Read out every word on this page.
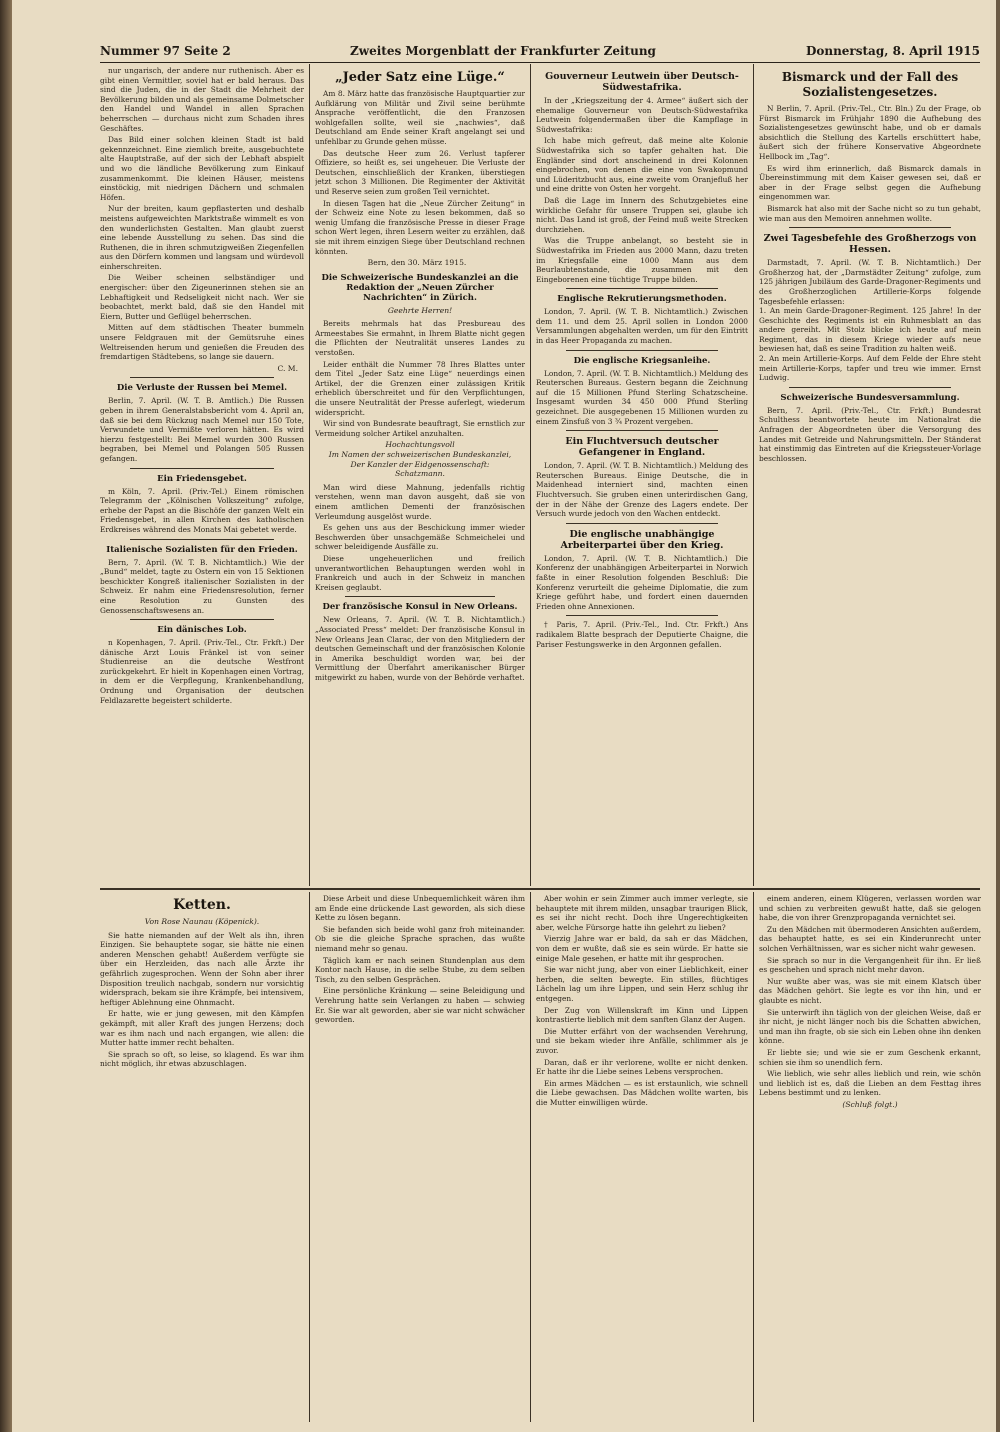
Nummer 97 Seite 2	Zweites Morgenblatt der Frankfurter Zeitung	Donnerstag, 8. April 1915

nur ungarisch, der andere nur ruthenisch. Aber es gibt einen Vermittler, soviel hat er bald heraus. Das sind die Juden, die in der Stadt die Mehrheit der Bevölkerung bilden und als gemeinsame Dolmetscher den Handel und Wandel in allen Sprachen beherrschen — durchaus nicht zum Schaden ihres Geschäftes.

Das Bild einer solchen kleinen Stadt ist bald gekennzeichnet. Eine ziemlich breite, ausgebuchtete alte Hauptstraße, auf der sich der Lebhaft abspielt und wo die ländliche Bevölkerung zum Einkauf zusammenkommt. Die kleinen Häuser, meistens einstöckig, mit niedrigen Dächern und schmalen Höfen.

Nur der breiten, kaum gepflasterten und deshalb meistens aufgeweichten Marktstraße wimmelt es von den wunderlichsten Gestalten. Man glaubt zuerst eine lebende Ausstellung zu sehen. Das sind die Ruthenen, die in ihren schmutzigweißen Ziegenfellen aus den Dörfern kommen und langsam und würdevoll einherschreiten.

Die Weiber scheinen selbständiger und energischer: über den Zigeunerinnen stehen sie an Lebhaftigkeit und Redseligkeit nicht nach. Wer sie beobachtet, merkt bald, daß sie den Handel mit Eiern, Butter und Geflügel beherrschen.

Mitten auf dem städtischen Theater bummeln unsere Feldgrauen mit der Gemütsruhe eines Weltreisenden herum und genießen die Freuden des fremdartigen Städtebens, so lange sie dauern.

C. M.
Die Verluste der Russen bei Memel.

Berlin, 7. April. (W. T. B. Amtlich.) Die Russen geben in ihrem Generalstabsbericht vom 4. April an, daß sie bei dem Rückzug nach Memel nur 150 Tote, Verwundete und Vermißte verloren hätten. Es wird hierzu festgestellt: Bei Memel wurden 300 Russen begraben, bei Memel und Polangen 505 Russen gefangen.

Ein Friedensgebet.

m Köln, 7. April. (Priv.-Tel.) Einem römischen Telegramm der „Kölnischen Volkszeitung“ zufolge, erhebe der Papst an die Bischöfe der ganzen Welt ein Friedensgebet, in allen Kirchen des katholischen Erdkreises während des Monats Mai gebetet werde.

Italienische Sozialisten für den Frieden.

Bern, 7. April. (W. T. B. Nichtamtlich.) Wie der „Bund“ meldet, tagte zu Ostern ein von 15 Sektionen beschickter Kongreß italienischer Sozialisten in der Schweiz. Er nahm eine Friedensresolution, ferner eine Resolution zu Gunsten des Genossenschaftswesens an.

Ein dänisches Lob.

n Kopenhagen, 7. April. (Priv.-Tel., Ctr. Frkft.) Der dänische Arzt Louis Fränkel ist von seiner Studienreise an die deutsche Westfront zurückgekehrt. Er hielt in Kopenhagen einen Vortrag, in dem er die Verpflegung, Krankenbehandlung, Ordnung und Organisation der deutschen Feldlazarette begeistert schilderte.

„Jeder Satz eine Lüge.“

Am 8. März hatte das französische Hauptquartier zur Aufklärung von Militär und Zivil seine berühmte Ansprache veröffentlicht, die den Franzosen wohlgefallen sollte, weil sie „nachwies“, daß Deutschland am Ende seiner Kraft angelangt sei und unfehlbar zu Grunde gehen müsse.

Das deutsche Heer zum 26. Verlust tapferer Offiziere, so heißt es, sei ungeheuer. Die Verluste der Deutschen, einschließlich der Kranken, überstiegen jetzt schon 3 Millionen. Die Regimenter der Aktivität und Reserve seien zum großen Teil vernichtet.

In diesen Tagen hat die „Neue Zürcher Zeitung“ in der Schweiz eine Note zu lesen bekommen, daß so wenig Umfang die französische Presse in dieser Frage schon Wert legen, ihren Lesern weiter zu erzählen, daß sie mit ihrem einzigen Siege über Deutschland rechnen könnten.

Bern, den 30. März 1915.
Die Schweizerische Bundeskanzlei an die Redaktion der „Neuen Zürcher Nachrichten“ in Zürich.
Geehrte Herren!

Bereits mehrmals hat das Presbureau des Armeestabes Sie ermahnt, in Ihrem Blatte nicht gegen die Pflichten der Neutralität unseres Landes zu verstoßen.

Leider enthält die Nummer 78 Ihres Blattes unter dem Titel „Jeder Satz eine Lüge“ neuerdings einen Artikel, der die Grenzen einer zulässigen Kritik erheblich überschreitet und für den Verpflichtungen, die unsere Neutralität der Presse auferlegt, wiederum widerspricht.

Wir sind von Bundesrate beauftragt, Sie ernstlich zur Vermeidung solcher Artikel anzuhalten.

Hochachtungsvoll
Im Namen der schweizerischen Bundeskanzlei,
Der Kanzler der Eidgenossenschaft:
Schatzmann.

Man wird diese Mahnung, jedenfalls richtig verstehen, wenn man davon ausgeht, daß sie von einem amtlichen Dementi der französischen Verleumdung ausgelöst wurde.

Es gehen uns aus der Beschickung immer wieder Beschwerden über unsachgemäße Schmeichelei und schwer beleidigende Ausfälle zu.

Diese ungeheuerlichen und freilich unverantwortlichen Behauptungen werden wohl in Frankreich und auch in der Schweiz in manchen Kreisen geglaubt.

Der französische Konsul in New Orleans.

New Orleans, 7. April. (W. T. B. Nichtamtlich.) „Associated Press“ meldet: Der französische Konsul in New Orleans Jean Clarac, der von den Mitgliedern der deutschen Gemeinschaft und der französischen Kolonie in Amerika beschuldigt worden war, bei der Vermittlung der Überfahrt amerikanischer Bürger mitgewirkt zu haben, wurde von der Behörde verhaftet.

Gouverneur Leutwein über Deutsch-Südwestafrika.

In der „Kriegszeitung der 4. Armee“ äußert sich der ehemalige Gouverneur von Deutsch-Südwestafrika Leutwein folgendermaßen über die Kampflage in Südwestafrika:

Ich habe mich gefreut, daß meine alte Kolonie Südwestafrika sich so tapfer gehalten hat. Die Engländer sind dort anscheinend in drei Kolonnen eingebrochen, von denen die eine von Swakopmund und Lüderitzbucht aus, eine zweite vom Oranjefluß her und eine dritte von Osten her vorgeht.

Daß die Lage im Innern des Schutzgebietes eine wirkliche Gefahr für unsere Truppen sei, glaube ich nicht. Das Land ist groß, der Feind muß weite Strecken durchziehen.

Was die Truppe anbelangt, so besteht sie in Südwestafrika im Frieden aus 2000 Mann, dazu treten im Kriegsfalle eine 1000 Mann aus dem Beurlaubtenstande, die zusammen mit den Eingeborenen eine tüchtige Truppe bilden.

Englische Rekrutierungsmethoden.

London, 7. April. (W. T. B. Nichtamtlich.) Zwischen dem 11. und dem 25. April sollen in London 2000 Versammlungen abgehalten werden, um für den Eintritt in das Heer Propaganda zu machen.

Die englische Kriegsanleihe.

London, 7. April. (W. T. B. Nichtamtlich.) Meldung des Reuterschen Bureaus. Gestern begann die Zeichnung auf die 15 Millionen Pfund Sterling Schatzscheine. Insgesamt wurden 34 450 000 Pfund Sterling gezeichnet. Die ausgegebenen 15 Millionen wurden zu einem Zinsfuß von 3 ¾ Prozent vergeben.

Ein Fluchtversuch deutscher Gefangener in England.

London, 7. April. (W. T. B. Nichtamtlich.) Meldung des Reuterschen Bureaus. Einige Deutsche, die in Maidenhead interniert sind, machten einen Fluchtversuch. Sie gruben einen unterirdischen Gang, der in der Nähe der Grenze des Lagers endete. Der Versuch wurde jedoch von den Wachen entdeckt.

Die englische unabhängige Arbeiterpartei über den Krieg.

London, 7. April. (W. T. B. Nichtamtlich.) Die Konferenz der unabhängigen Arbeiterpartei in Norwich faßte in einer Resolution folgenden Beschluß: Die Konferenz verurteilt die geheime Diplomatie, die zum Kriege geführt habe, und fordert einen dauernden Frieden ohne Annexionen.

† Paris, 7. April. (Priv.-Tel., Ind. Ctr. Frkft.) Ans radikalem Blatte besprach der Deputierte Chaigne, die Pariser Festungswerke in den Argonnen gefallen.

Bismarck und der Fall des Sozialistengesetzes.

N Berlin, 7. April. (Priv.-Tel., Ctr. Bln.) Zu der Frage, ob Fürst Bismarck im Frühjahr 1890 die Aufhebung des Sozialistengesetzes gewünscht habe, und ob er damals absichtlich die Stellung des Kartells erschüttert habe, äußert sich der frühere Konservative Abgeordnete Hellbock im „Tag“.

Es wird ihm erinnerlich, daß Bismarck damals in Übereinstimmung mit dem Kaiser gewesen sei, daß er aber in der Frage selbst gegen die Aufhebung eingenommen war.

Bismarck hat also mit der Sache nicht so zu tun gehabt, wie man aus den Memoiren annehmen wollte.

Zwei Tagesbefehle des Großherzogs von Hessen.

Darmstadt, 7. April. (W. T. B. Nichtamtlich.) Der Großherzog hat, der „Darmstädter Zeitung“ zufolge, zum 125 jährigen Jubiläum des Garde-Dragoner-Regiments und des Großherzoglichen Artillerie-Korps folgende Tagesbefehle erlassen:
1. An mein Garde-Dragoner-Regiment. 125 Jahre! In der Geschichte des Regiments ist ein Ruhmesblatt an das andere gereiht. Mit Stolz blicke ich heute auf mein Regiment, das in diesem Kriege wieder aufs neue bewiesen hat, daß es seine Tradition zu halten weiß.
2. An mein Artillerie-Korps. Auf dem Felde der Ehre steht mein Artillerie-Korps, tapfer und treu wie immer. Ernst Ludwig.

Schweizerische Bundesversammlung.

Bern, 7. April. (Priv.-Tel., Ctr. Frkft.) Bundesrat Schulthess beantwortete heute im Nationalrat die Anfragen der Abgeordneten über die Versorgung des Landes mit Getreide und Nahrungsmitteln. Der Ständerat hat einstimmig das Eintreten auf die Kriegssteuer-Vorlage beschlossen.

Ketten.
Von Rose Naunau (Köpenick).

Sie hatte niemanden auf der Welt als ihn, ihren Einzigen. Sie behauptete sogar, sie hätte nie einen anderen Menschen gehabt! Außerdem verfügte sie über ein Herzleiden, das nach alle Ärzte ihr gefährlich zugesprochen. Wenn der Sohn aber ihrer Disposition treulich nachgab, sondern nur vorsichtig widersprach, bekam sie ihre Krämpfe, bei intensivem, heftiger Ablehnung eine Ohnmacht.

Er hatte, wie er jung gewesen, mit den Kämpfen gekämpft, mit aller Kraft des jungen Herzens; doch war es ihm nach und nach ergangen, wie allen: die Mutter hatte immer recht behalten.

Sie sprach so oft, so leise, so klagend. Es war ihm nicht möglich, ihr etwas abzuschlagen.

Diese Arbeit und diese Unbequemlichkeit wären ihm am Ende eine drückende Last geworden, als sich diese Kette zu lösen begann.

Sie befanden sich beide wohl ganz froh miteinander. Ob sie die gleiche Sprache sprachen, das wußte niemand mehr so genau.

Täglich kam er nach seinen Stundenplan aus dem Kontor nach Hause, in die selbe Stube, zu dem selben Tisch, zu den selben Gesprächen.

Eine persönliche Kränkung — seine Beleidigung und Verehrung hatte sein Verlangen zu haben — schwieg Er. Sie war alt geworden, aber sie war nicht schwächer geworden.

Aber wohin er sein Zimmer auch immer verlegte, sie behauptete mit ihrem milden, unsagbar traurigen Blick, es sei ihr nicht recht. Doch ihre Ungerechtigkeiten aber, welche Fürsorge hatte ihn gelehrt zu lieben?

Vierzig Jahre war er bald, da sah er das Mädchen, von dem er wußte, daß sie es sein würde. Er hatte sie einige Male gesehen, er hatte mit ihr gesprochen.

Sie war nicht jung, aber von einer Lieblichkeit, einer herben, die selten bewegte. Ein stilles, flüchtiges Lächeln lag um ihre Lippen, und sein Herz schlug ihr entgegen.

Der Zug von Willenskraft im Kinn und Lippen kontrastierte lieblich mit dem sanften Glanz der Augen.

Die Mutter erfährt von der wachsenden Verehrung, und sie bekam wieder ihre Anfälle, schlimmer als je zuvor.

Daran, daß er ihr verlorene, wollte er nicht denken. Er hatte ihr die Liebe seines Lebens versprochen.

Ein armes Mädchen — es ist erstaunlich, wie schnell die Liebe gewachsen. Das Mädchen wollte warten, bis die Mutter einwilligen würde.

einem anderen, einem Klügeren, verlassen worden war und schien zu verbreiten gewußt hatte, daß sie gelogen habe, die von ihrer Grenzpropaganda vernichtet sei.

Zu den Mädchen mit übermoderen Ansichten außerdem, das behauptet hatte, es sei ein Kinderunrecht unter solchen Verhältnissen, war es sicher nicht wahr gewesen.

Sie sprach so nur in die Vergangenheit für ihn. Er ließ es geschehen und sprach nicht mehr davon.

Nur wußte aber was, was sie mit einem Klatsch über das Mädchen gehört. Sie legte es vor ihn hin, und er glaubte es nicht.

Sie unterwirft ihn täglich von der gleichen Weise, daß er ihr nicht, je nicht länger noch bis die Schatten abwichen, und man ihn fragte, ob sie sich ein Leben ohne ihn denken könne.

Er liebte sie; und wie sie er zum Geschenk erkannt, schien sie ihm so unendlich fern.

Wie lieblich, wie sehr alles lieblich und rein, wie schön und lieblich ist es, daß die Lieben an dem Festtag ihres Lebens bestimmt und zu lenken.

(Schluß folgt.)
